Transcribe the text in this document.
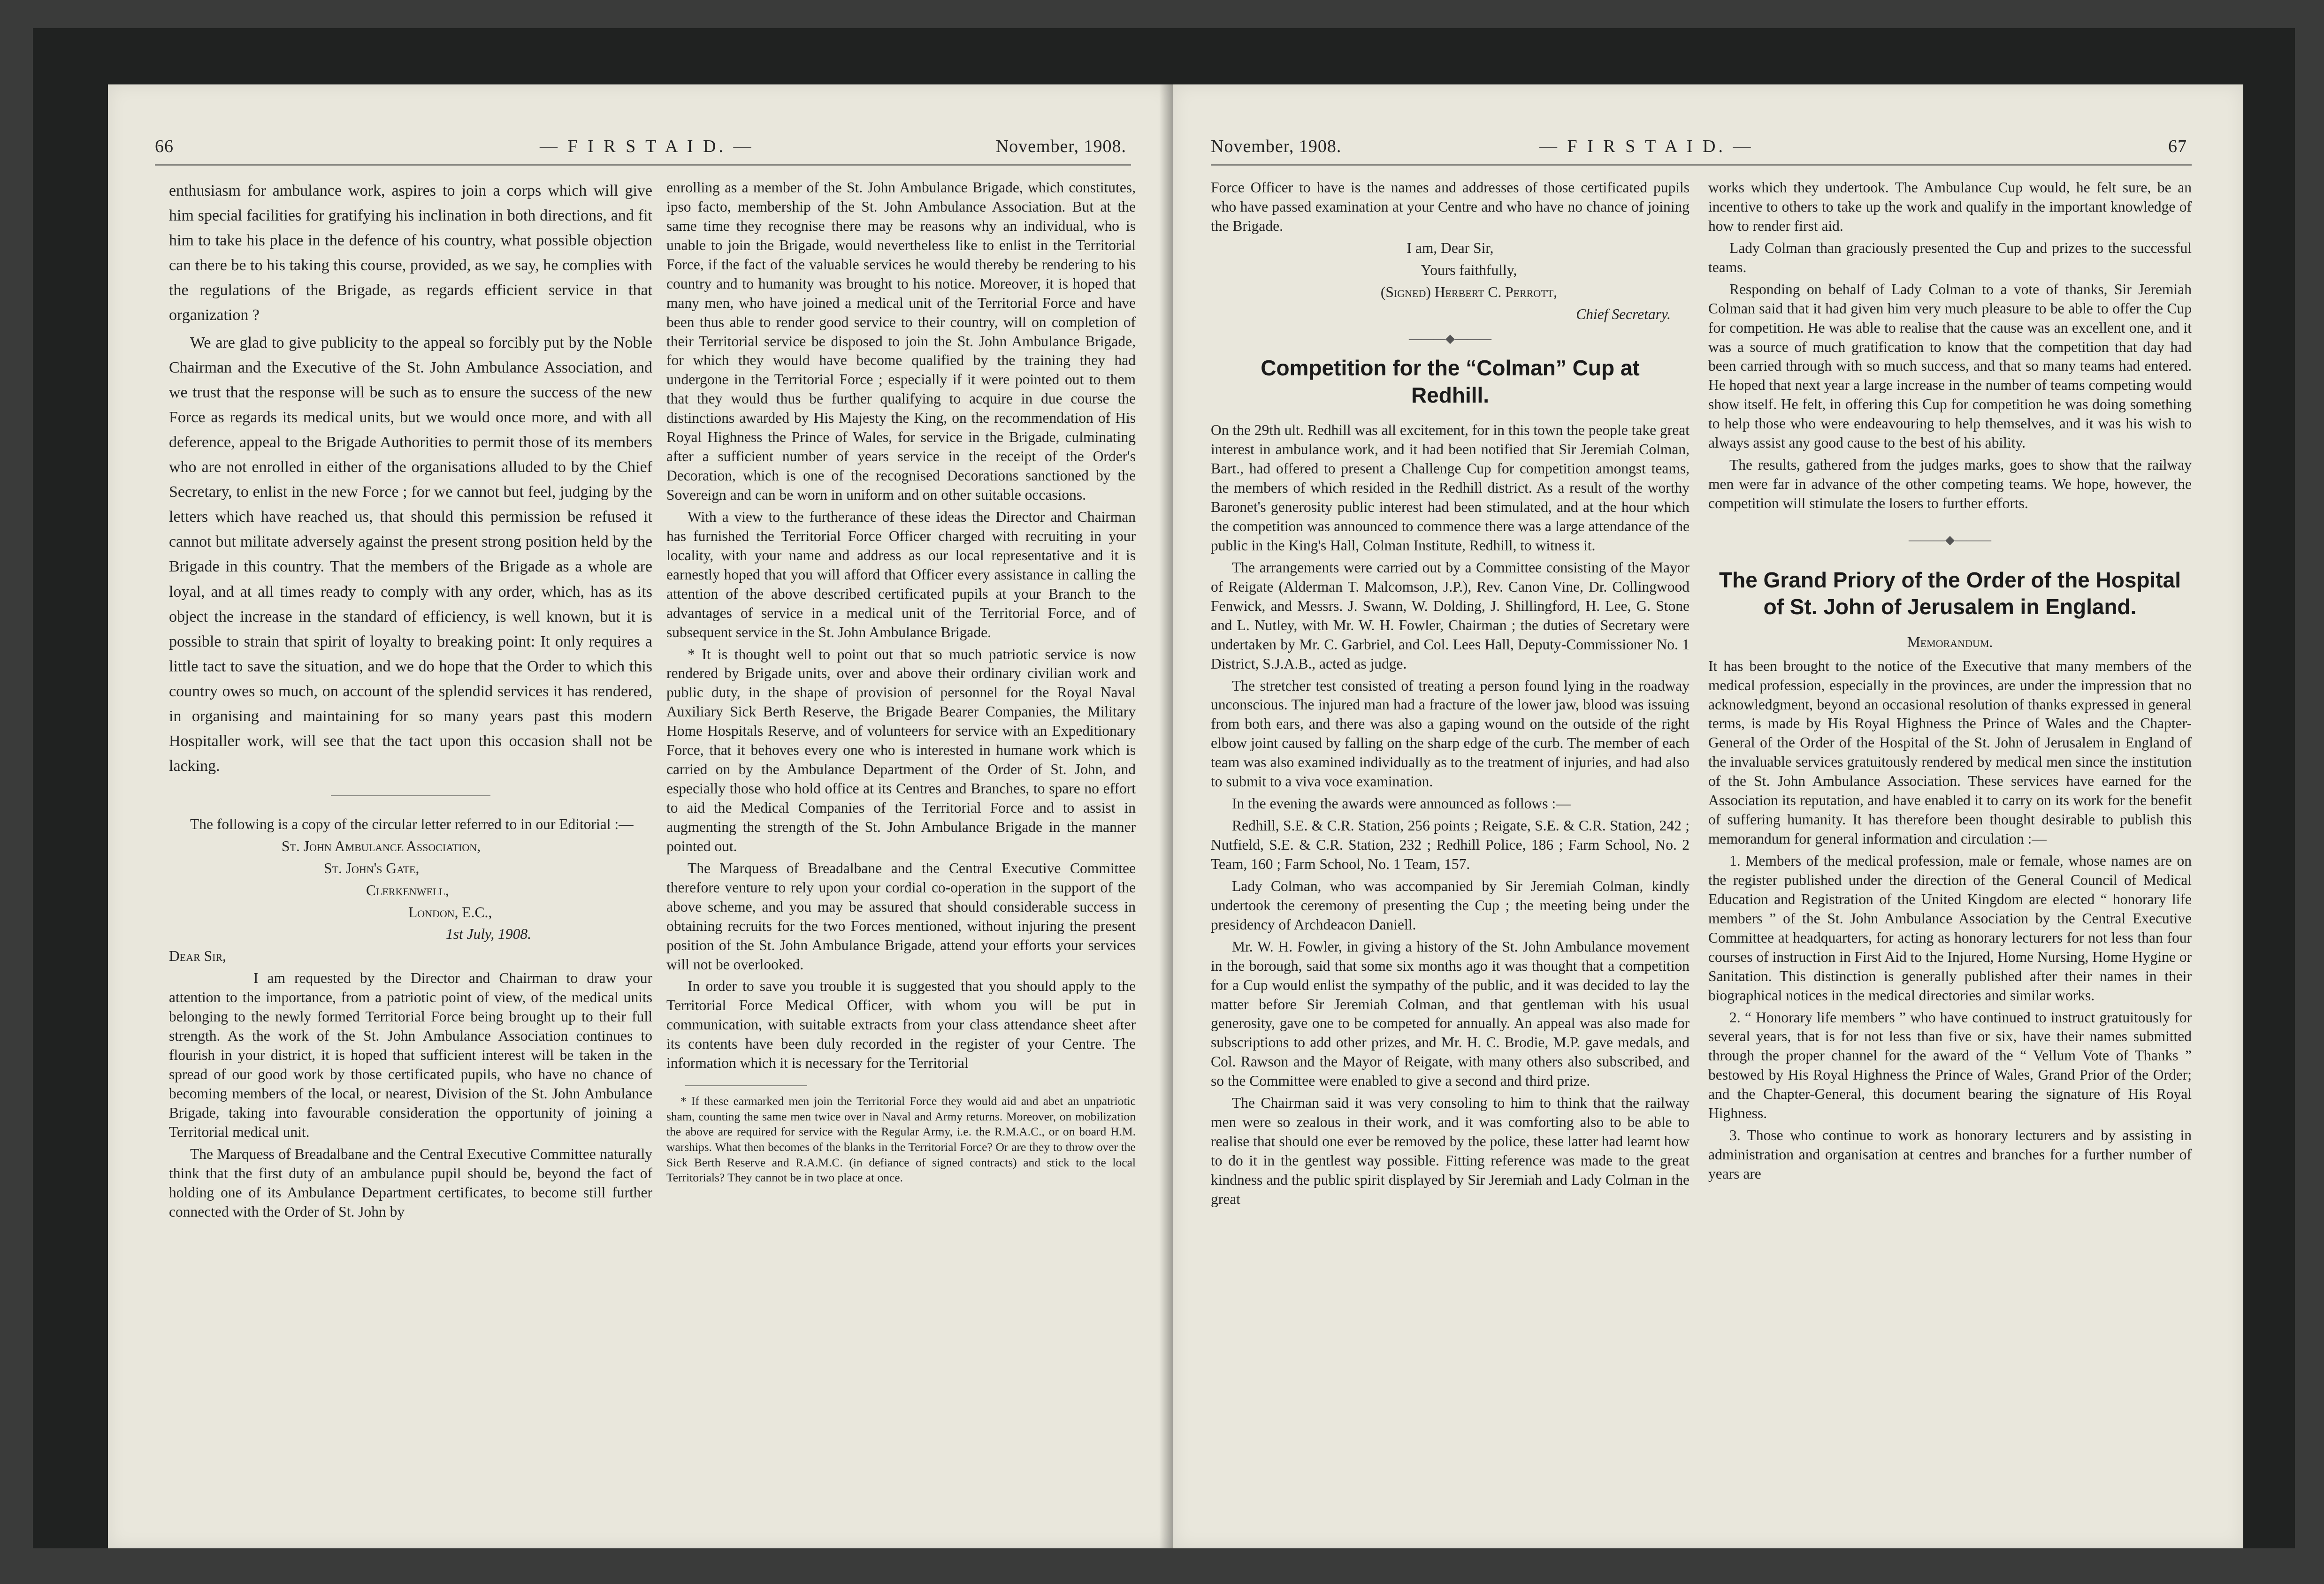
66	— F I R S T A I D. —	November, 1908.

enthusiasm for ambulance work, aspires to join a corps which will give him special facilities for gratifying his inclination in both directions, and fit him to take his place in the defence of his country, what possible objection can there be to his taking this course, provided, as we say, he complies with the regulations of the Brigade, as regards efficient service in that organization ?

We are glad to give publicity to the appeal so forcibly put by the Noble Chairman and the Executive of the St. John Ambulance Association, and we trust that the response will be such as to ensure the success of the new Force as regards its medical units, but we would once more, and with all deference, appeal to the Brigade Authorities to permit those of its members who are not enrolled in either of the organisations alluded to by the Chief Secretary, to enlist in the new Force ; for we cannot but feel, judging by the letters which have reached us, that should this permission be refused it cannot but militate adversely against the present strong position held by the Brigade in this country. That the members of the Brigade as a whole are loyal, and at all times ready to comply with any order, which, has as its object the increase in the standard of efficiency, is well known, but it is possible to strain that spirit of loyalty to breaking point: It only requires a little tact to save the situation, and we do hope that the Order to which this country owes so much, on account of the splendid services it has rendered, in organising and maintaining for so many years past this modern Hospitaller work, will see that the tact upon this occasion shall not be lacking.

The following is a copy of the circular letter referred to in our Editorial :—

St. John Ambulance Association,

St. John's Gate,

Clerkenwell,

London, E.C.,

1st July, 1908.

Dear Sir,

I am requested by the Director and Chairman to draw your attention to the importance, from a patriotic point of view, of the medical units belonging to the newly formed Territorial Force being brought up to their full strength. As the work of the St. John Ambulance Association continues to flourish in your district, it is hoped that sufficient interest will be taken in the spread of our good work by those certificated pupils, who have no chance of becoming members of the local, or nearest, Division of the St. John Ambulance Brigade, taking into favourable consideration the opportunity of joining a Territorial medical unit.

The Marquess of Breadalbane and the Central Executive Committee naturally think that the first duty of an ambulance pupil should be, beyond the fact of holding one of its Ambulance Department certificates, to become still further connected with the Order of St. John by

enrolling as a member of the St. John Ambulance Brigade, which constitutes, ipso facto, membership of the St. John Ambulance Association. But at the same time they recognise there may be reasons why an individual, who is unable to join the Brigade, would nevertheless like to enlist in the Territorial Force, if the fact of the valuable services he would thereby be rendering to his country and to humanity was brought to his notice. Moreover, it is hoped that many men, who have joined a medical unit of the Territorial Force and have been thus able to render good service to their country, will on completion of their Territorial service be disposed to join the St. John Ambulance Brigade, for which they would have become qualified by the training they had undergone in the Territorial Force ; especially if it were pointed out to them that they would thus be further qualifying to acquire in due course the distinctions awarded by His Majesty the King, on the recommendation of His Royal Highness the Prince of Wales, for service in the Brigade, culminating after a sufficient number of years service in the receipt of the Order's Decoration, which is one of the recognised Decorations sanctioned by the Sovereign and can be worn in uniform and on other suitable occasions.

With a view to the furtherance of these ideas the Director and Chairman has furnished the Territorial Force Officer charged with recruiting in your locality, with your name and address as our local representative and it is earnestly hoped that you will afford that Officer every assistance in calling the attention of the above described certificated pupils at your Branch to the advantages of service in a medical unit of the Territorial Force, and of subsequent service in the St. John Ambulance Brigade.

* It is thought well to point out that so much patriotic service is now rendered by Brigade units, over and above their ordinary civilian work and public duty, in the shape of provision of personnel for the Royal Naval Auxiliary Sick Berth Reserve, the Brigade Bearer Companies, the Military Home Hospitals Reserve, and of volunteers for service with an Expeditionary Force, that it behoves every one who is interested in humane work which is carried on by the Ambulance Department of the Order of St. John, and especially those who hold office at its Centres and Branches, to spare no effort to aid the Medical Companies of the Territorial Force and to assist in augmenting the strength of the St. John Ambulance Brigade in the manner pointed out.

The Marquess of Breadalbane and the Central Executive Committee therefore venture to rely upon your cordial co-operation in the support of the above scheme, and you may be assured that should considerable success in obtaining recruits for the two Forces mentioned, without injuring the present position of the St. John Ambulance Brigade, attend your efforts your services will not be overlooked.

In order to save you trouble it is suggested that you should apply to the Territorial Force Medical Officer, with whom you will be put in communication, with suitable extracts from your class attendance sheet after its contents have been duly recorded in the register of your Centre. The information which it is necessary for the Territorial

* If these earmarked men join the Territorial Force they would aid and abet an unpatriotic sham, counting the same men twice over in Naval and Army returns. Moreover, on mobilization the above are required for service with the Regular Army, i.e. the R.M.A.C., or on board H.M. warships. What then becomes of the blanks in the Territorial Force? Or are they to throw over the Sick Berth Reserve and R.A.M.C. (in defiance of signed contracts) and stick to the local Territorials? They cannot be in two place at once.

November, 1908.	— F I R S T A I D. —	67

Force Officer to have is the names and addresses of those certificated pupils who have passed examination at your Centre and who have no chance of joining the Brigade.

I am, Dear Sir,

Yours faithfully,

(Signed) Herbert C. Perrott,

Chief Secretary.

———◆———
Competition for the “Colman” Cup at Redhill.

On the 29th ult. Redhill was all excitement, for in this town the people take great interest in ambulance work, and it had been notified that Sir Jeremiah Colman, Bart., had offered to present a Challenge Cup for competition amongst teams, the members of which resided in the Redhill district. As a result of the worthy Baronet's generosity public interest had been stimulated, and at the hour which the competition was announced to commence there was a large attendance of the public in the King's Hall, Colman Institute, Redhill, to witness it.

The arrangements were carried out by a Committee consisting of the Mayor of Reigate (Alderman T. Malcomson, J.P.), Rev. Canon Vine, Dr. Collingwood Fenwick, and Messrs. J. Swann, W. Dolding, J. Shillingford, H. Lee, G. Stone and L. Nutley, with Mr. W. H. Fowler, Chairman ; the duties of Secretary were undertaken by Mr. C. Garbriel, and Col. Lees Hall, Deputy-Commissioner No. 1 District, S.J.A.B., acted as judge.

The stretcher test consisted of treating a person found lying in the roadway unconscious. The injured man had a fracture of the lower jaw, blood was issuing from both ears, and there was also a gaping wound on the outside of the right elbow joint caused by falling on the sharp edge of the curb. The member of each team was also examined individually as to the treatment of injuries, and had also to submit to a viva voce examination.

In the evening the awards were announced as follows :—

Redhill, S.E. & C.R. Station, 256 points ; Reigate, S.E. & C.R. Station, 242 ; Nutfield, S.E. & C.R. Station, 232 ; Redhill Police, 186 ; Farm School, No. 2 Team, 160 ; Farm School, No. 1 Team, 157.

Lady Colman, who was accompanied by Sir Jeremiah Colman, kindly undertook the ceremony of presenting the Cup ; the meeting being under the presidency of Archdeacon Daniell.

Mr. W. H. Fowler, in giving a history of the St. John Ambulance movement in the borough, said that some six months ago it was thought that a competition for a Cup would enlist the sympathy of the public, and it was decided to lay the matter before Sir Jeremiah Colman, and that gentleman with his usual generosity, gave one to be competed for annually. An appeal was also made for subscriptions to add other prizes, and Mr. H. C. Brodie, M.P. gave medals, and Col. Rawson and the Mayor of Reigate, with many others also subscribed, and so the Committee were enabled to give a second and third prize.

The Chairman said it was very consoling to him to think that the railway men were so zealous in their work, and it was comforting also to be able to realise that should one ever be removed by the police, these latter had learnt how to do it in the gentlest way possible. Fitting reference was made to the great kindness and the public spirit displayed by Sir Jeremiah and Lady Colman in the great

works which they undertook. The Ambulance Cup would, he felt sure, be an incentive to others to take up the work and qualify in the important knowledge of how to render first aid.

Lady Colman than graciously presented the Cup and prizes to the successful teams.

Responding on behalf of Lady Colman to a vote of thanks, Sir Jeremiah Colman said that it had given him very much pleasure to be able to offer the Cup for competition. He was able to realise that the cause was an excellent one, and it was a source of much gratification to know that the competition that day had been carried through with so much success, and that so many teams had entered. He hoped that next year a large increase in the number of teams competing would show itself. He felt, in offering this Cup for competition he was doing something to help those who were endeavouring to help themselves, and it was his wish to always assist any good cause to the best of his ability.

The results, gathered from the judges marks, goes to show that the railway men were far in advance of the other competing teams. We hope, however, the competition will stimulate the losers to further efforts.

———◆———
The Grand Priory of the Order of the Hospital of St. John of Jerusalem in England.

Memorandum.

It has been brought to the notice of the Executive that many members of the medical profession, especially in the provinces, are under the impression that no acknowledgment, beyond an occasional resolution of thanks expressed in general terms, is made by His Royal Highness the Prince of Wales and the Chapter-General of the Order of the Hospital of the St. John of Jerusalem in England of the invaluable services gratuitously rendered by medical men since the institution of the St. John Ambulance Association. These services have earned for the Association its reputation, and have enabled it to carry on its work for the benefit of suffering humanity. It has therefore been thought desirable to publish this memorandum for general information and circulation :—

1. Members of the medical profession, male or female, whose names are on the register published under the direction of the General Council of Medical Education and Registration of the United Kingdom are elected “ honorary life members ” of the St. John Ambulance Association by the Central Executive Committee at headquarters, for acting as honorary lecturers for not less than four courses of instruction in First Aid to the Injured, Home Nursing, Home Hygine or Sanitation. This distinction is generally published after their names in their biographical notices in the medical directories and similar works.

2. “ Honorary life members ” who have continued to instruct gratuitously for several years, that is for not less than five or six, have their names submitted through the proper channel for the award of the “ Vellum Vote of Thanks ” bestowed by His Royal Highness the Prince of Wales, Grand Prior of the Order; and the Chapter-General, this document bearing the signature of His Royal Highness.

3. Those who continue to work as honorary lecturers and by assisting in administration and organisation at centres and branches for a further number of years are
